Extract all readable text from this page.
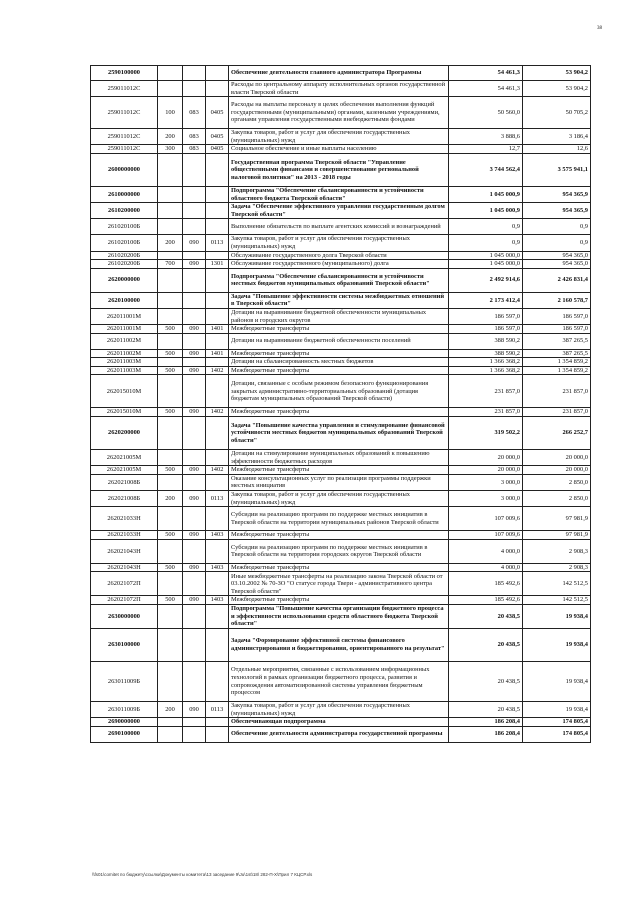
38
2590100000				Обеспечение деятельности главного администратора Программы	54 461,3	53 904,2
259011012С				Расходы по центральному аппарату исполнительных органов государственной власти Тверской области	54 461,3	53 904,2
259011012С	100	083	0405	Расходы на выплаты персоналу в целях обеспечения выполнения функций государственными (муниципальными) органами, казенными учреждениями, органами управления государственными внебюджетными фондами	50 560,0	50 705,2
259011012С	200	083	0405	Закупка товаров, работ и услуг для обеспечения государственных (муниципальных) нужд	3 888,6	3 186,4
259011012С	300	083	0405	Социальное обеспечение и иные выплаты населению	12,7	12,6
2600000000				Государственная программа Тверской области "Управление общественными финансами и совершенствование региональной налоговой политики" на 2013 - 2018 годы	3 744 562,4	3 575 941,1
2610000000				Подпрограмма "Обеспечение сбалансированности и устойчивости областного бюджета Тверской области"	1 045 000,9	954 365,9
2610200000				Задача "Обеспечение эффективного управления государственным долгом Тверской области"	1 045 000,9	954 365,9
261020100Б				Выполнение обязательств по выплате агентских комиссий и вознаграждений	0,9	0,9
261020100Б	200	090	0113	Закупка товаров, работ и услуг для обеспечения государственных (муниципальных) нужд	0,9	0,9
261020200Б				Обслуживание государственного долга Тверской области	1 045 000,0	954 365,0
261020200Б	700	090	1301	Обслуживание государственного (муниципального) долга	1 045 000,0	954 365,0
2620000000				Подпрограмма "Обеспечение сбалансированности и устойчивости местных бюджетов муниципальных образований Тверской области"	2 492 914,6	2 426 831,4
2620100000				Задача "Повышение эффективности системы межбюджетных отношений в Тверской области"	2 173 412,4	2 160 578,7
262011001М				Дотации на выравнивание бюджетной обеспеченности муниципальных районов и городских округов	186 597,0	186 597,0
262011001М	500	090	1401	Межбюджетные трансферты	186 597,0	186 597,0
262011002М				Дотации на выравнивание бюджетной обеспеченности поселений	388 590,2	387 265,5
262011002М	500	090	1401	Межбюджетные трансферты	388 590,2	387 265,5
262011003М				Дотации на сбалансированность местных бюджетов	1 366 368,2	1 354 859,2
262011003М	500	090	1402	Межбюджетные трансферты	1 366 368,2	1 354 859,2
262015010М				Дотации, связанные с особым режимом безопасного функционирования закрытых административно-территориальных образований (дотация бюджетам муниципальных образований Тверской области)	231 857,0	231 857,0
262015010М	500	090	1402	Межбюджетные трансферты	231 857,0	231 857,0
2620200000				Задача "Повышение качества управления и стимулирование финансовой устойчивости местных бюджетов муниципальных образований Тверской области"	319 502,2	266 252,7
262021005М				Дотации на стимулирование муниципальных образований к повышению эффективности бюджетных расходов	20 000,0	20 000,0
262021005М	500	090	1402	Межбюджетные трансферты	20 000,0	20 000,0
262021008Б				Оказание консультационных услуг по реализации программы поддержки местных инициатив	3 000,0	2 850,0
262021008Б	200	090	0113	Закупка товаров, работ и услуг для обеспечения государственных (муниципальных) нужд	3 000,0	2 850,0
262021033Н				Субсидии на реализацию программ по поддержке местных инициатив в Тверской области на территории муниципальных районов Тверской области	107 009,6	97 981,9
262021033Н	500	090	1403	Межбюджетные трансферты	107 009,6	97 981,9
262021043Н				Субсидии на реализацию программ по поддержке местных инициатив в Тверской области на территории городских округов Тверской области	4 000,0	2 908,3
262021043Н	500	090	1403	Межбюджетные трансферты	4 000,0	2 908,3
262021072П				Иные межбюджетные трансферты на реализацию закона Тверской области от 03.10.2002 № 70-ЗО "О статусе города Твери - административного центра Тверской области"	185 492,6	142 512,5
262021072П	500	090	1403	Межбюджетные трансферты	185 492,6	142 512,5
2630000000				Подпрограмма "Повышение качества организации бюджетного процесса и эффективности использования средств областного бюджета Тверской области"	20 438,5	19 938,4
2630100000				Задача "Формирование эффективной системы финансового администрирования и бюджетирования, ориентированного на результат"	20 438,5	19 938,4
263011009Б				Отдельные мероприятия, связанные с использованием информационных технологий в рамках организации бюджетного процесса, развития и сопровождения автоматизированной системы управления бюджетным процессом	20 438,5	19 938,4
263011009Б	200	090	0113	Закупка товаров, работ и услуг для обеспечения государственных (муниципальных) нужд	20 438,5	19 938,4
2690000000				Обеспечивающая подпрограмма	186 208,4	174 805,4
2690100000				Обеспечение деятельности администратора государственной программы	186 208,4	174 805,4
\\fs01\comitet по бюджету\ссылки\Документы комитета\13 заседание 9\Ju\1st\18\ 282-П-Х\Прил 7 КЦСР.xls
